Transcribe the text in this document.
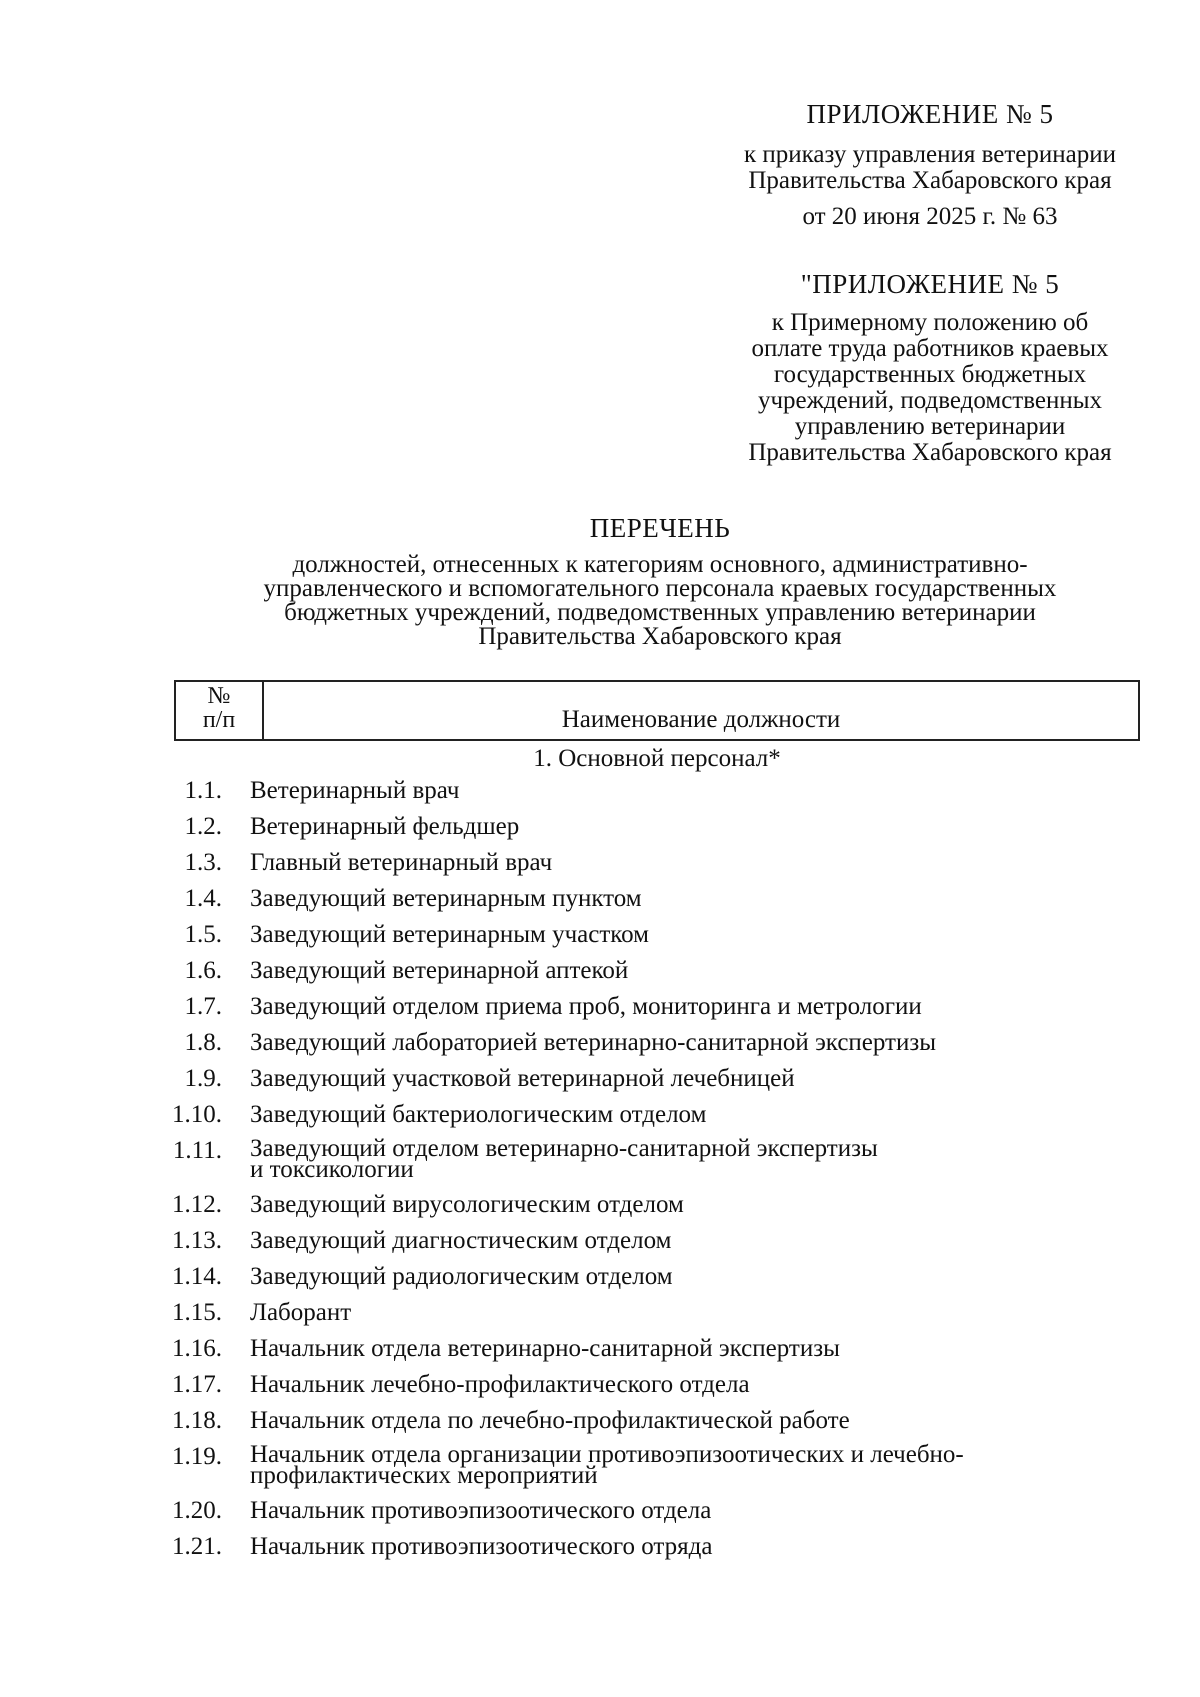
ПРИЛОЖЕНИЕ № 5
к приказу управления ветеринарии
Правительства Хабаровского края
от 20 июня 2025 г. № 63
"ПРИЛОЖЕНИЕ № 5
к Примерному положению об
оплате труда работников краевых
государственных бюджетных
учреждений, подведомственных
управлению ветеринарии
Правительства Хабаровского края
ПЕРЕЧЕНЬ
должностей, отнесенных к категориям основного, административно-
управленческого и вспомогательного персонала краевых государственных
бюджетных учреждений, подведомственных управлению ветеринарии
Правительства Хабаровского края
№
п/п	Наименование должности
1. Основной персонал*
1.1.	Ветеринарный врач
1.2.	Ветеринарный фельдшер
1.3.	Главный ветеринарный врач
1.4.	Заведующий ветеринарным пунктом
1.5.	Заведующий ветеринарным участком
1.6.	Заведующий ветеринарной аптекой
1.7.	Заведующий отделом приема проб, мониторинга и метрологии
1.8.	Заведующий лабораторией ветеринарно-санитарной экспертизы
1.9.	Заведующий участковой ветеринарной лечебницей
1.10.	Заведующий бактериологическим отделом
1.11.	Заведующий отделом ветеринарно-санитарной экспертизы
и токсикологии
1.12.	Заведующий вирусологическим отделом
1.13.	Заведующий диагностическим отделом
1.14.	Заведующий радиологическим отделом
1.15.	Лаборант
1.16.	Начальник отдела ветеринарно-санитарной экспертизы
1.17.	Начальник лечебно-профилактического отдела
1.18.	Начальник отдела по лечебно-профилактической работе
1.19.	Начальник отдела организации противоэпизоотических и лечебно-
профилактических мероприятий
1.20.	Начальник противоэпизоотического отдела
1.21.	Начальник противоэпизоотического отряда
